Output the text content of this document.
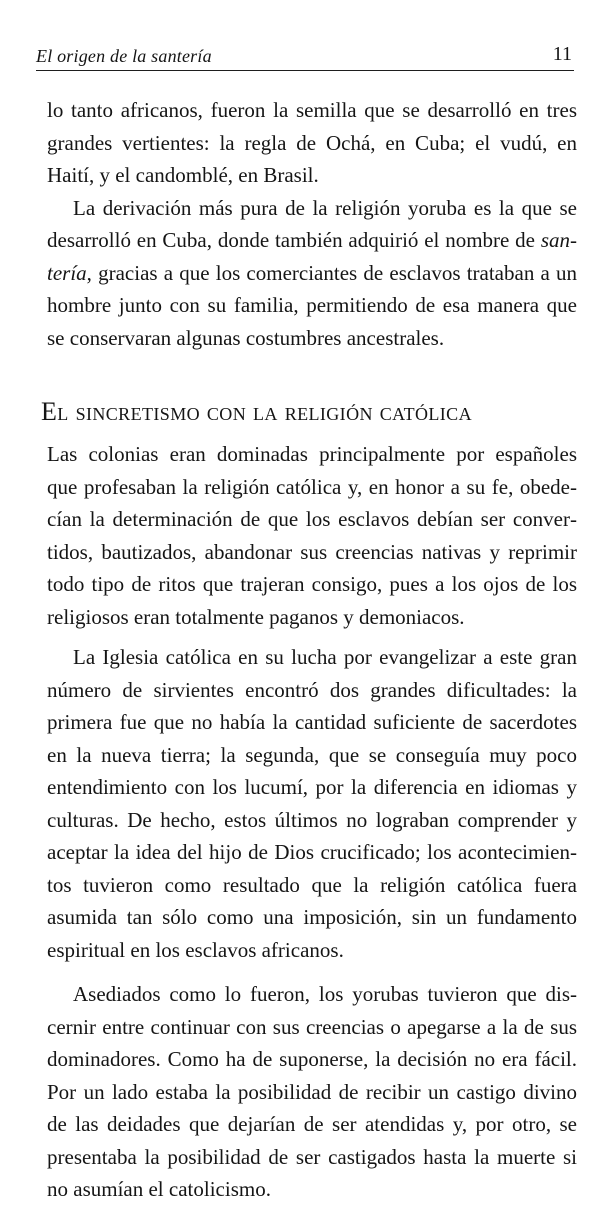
El origen de la santería	11

lo tanto africanos, fueron la semilla que se desarrolló en tres grandes vertientes: la regla de Ochá, en Cuba; el vudú, en Haití, y el candomblé, en Brasil.

La derivación más pura de la religión yoruba es la que se desarrolló en Cuba, donde también adquirió el nombre de santería, gracias a que los comerciantes de esclavos trataban a un hombre junto con su familia, permitiendo de esa manera que se conservaran algunas costumbres ancestrales.

El sincretismo con la religión católica

Las colonias eran dominadas principalmente por españoles que profesaban la religión católica y, en honor a su fe, obedecían la determinación de que los esclavos debían ser convertidos, bautizados, abandonar sus creencias nativas y reprimir todo tipo de ritos que trajeran consigo, pues a los ojos de los religiosos eran totalmente paganos y demoniacos.

La Iglesia católica en su lucha por evangelizar a este gran número de sirvientes encontró dos grandes dificultades: la primera fue que no había la cantidad suficiente de sacerdotes en la nueva tierra; la segunda, que se conseguía muy poco entendimiento con los lucumí, por la diferencia en idiomas y culturas. De hecho, estos últimos no lograban comprender y aceptar la idea del hijo de Dios crucificado; los acontecimientos tuvieron como resultado que la religión católica fuera asumida tan sólo como una imposición, sin un fundamento espiritual en los esclavos africanos.

Asediados como lo fueron, los yorubas tuvieron que discernir entre continuar con sus creencias o apegarse a la de sus dominadores. Como ha de suponerse, la decisión no era fácil. Por un lado estaba la posibilidad de recibir un castigo divino de las deidades que dejarían de ser atendidas y, por otro, se presentaba la posibilidad de ser castigados hasta la muerte si no asumían el catolicismo.
